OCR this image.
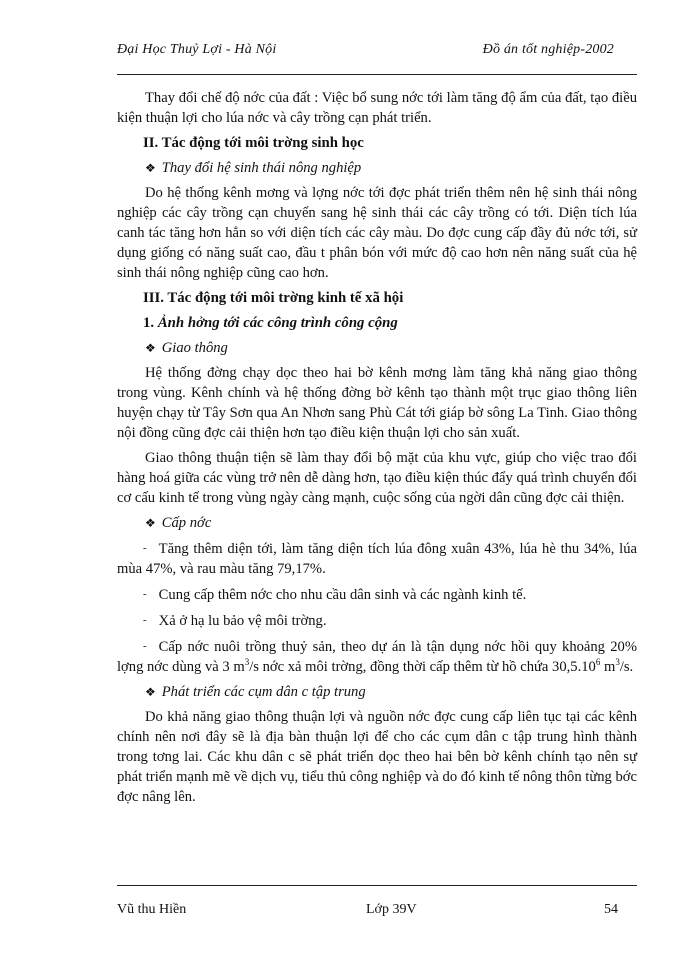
Đại Học Thuỷ Lợi - Hà Nội	Đồ án tốt nghiệp-2002

Thay đổi chế độ nớc của đất : Việc bổ sung nớc tới làm tăng độ ẩm của đất, tạo điều kiện thuận lợi cho lúa nớc và cây trồng cạn phát triển.

II. Tác động tới môi trờng sinh học
❖ Thay đổi hệ sinh thái nông nghiệp

Do hệ thống kênh mơng và lợng nớc tới đợc phát triển thêm nên hệ sinh thái nông nghiệp các cây trồng cạn chuyển sang hệ sinh thái các cây trồng có tới. Diện tích lúa canh tác tăng hơn hẳn so với diện tích các cây màu. Do đợc cung cấp đầy đủ nớc tới, sử dụng giống có năng suất cao, đầu t phân bón với mức độ cao hơn nên năng suất của hệ sinh thái nông nghiệp cũng cao hơn.

III. Tác động tới môi trờng kinh tế xã hội
1. Ảnh hởng tới các công trình công cộng
❖ Giao thông

Hệ thống đờng chạy dọc theo hai bờ kênh mơng làm tăng khả năng giao thông trong vùng. Kênh chính và hệ thống đờng bờ kênh tạo thành một trục giao thông liên huyện chạy từ Tây Sơn qua An Nhơn sang Phù Cát tới giáp bờ sông La Tinh. Giao thông nội đồng cũng đợc cải thiện hơn tạo điều kiện thuận lợi cho sản xuất.

Giao thông thuận tiện sẽ làm thay đổi bộ mặt của khu vực, giúp cho việc trao đổi hàng hoá giữa các vùng trở nên dễ dàng hơn, tạo điều kiện thúc đẩy quá trình chuyển đổi cơ cấu kinh tế trong vùng ngày càng mạnh, cuộc sống của ngời dân cũng đợc cải thiện.

❖ Cấp nớc

- Tăng thêm diện tới, làm tăng diện tích lúa đông xuân 43%, lúa hè thu 34%, lúa mùa 47%, và rau màu tăng 79,17%.

- Cung cấp thêm nớc cho nhu cầu dân sinh và các ngành kinh tế.

- Xả ở hạ lu bảo vệ môi trờng.

- Cấp nớc nuôi trồng thuỷ sản, theo dự án là tận dụng nớc hồi quy khoảng 20% lợng nớc dùng và 3 $m^3/s$ nớc xả môi trờng, đồng thời cấp thêm từ hồ chứa 30,5.10$^6$ $m^3/s$.

❖ Phát triển các cụm dân c tập trung

Do khả năng giao thông thuận lợi và nguồn nớc đợc cung cấp liên tục tại các kênh chính nên nơi đây sẽ là địa bàn thuận lợi để cho các cụm dân c tập trung hình thành trong tơng lai. Các khu dân c sẽ phát triển dọc theo hai bên bờ kênh chính tạo nên sự phát triển mạnh mẽ về dịch vụ, tiểu thủ công nghiệp và do đó kinh tế nông thôn từng bớc đợc nâng lên.

Vũ thu Hiền	Lớp 39V	54
